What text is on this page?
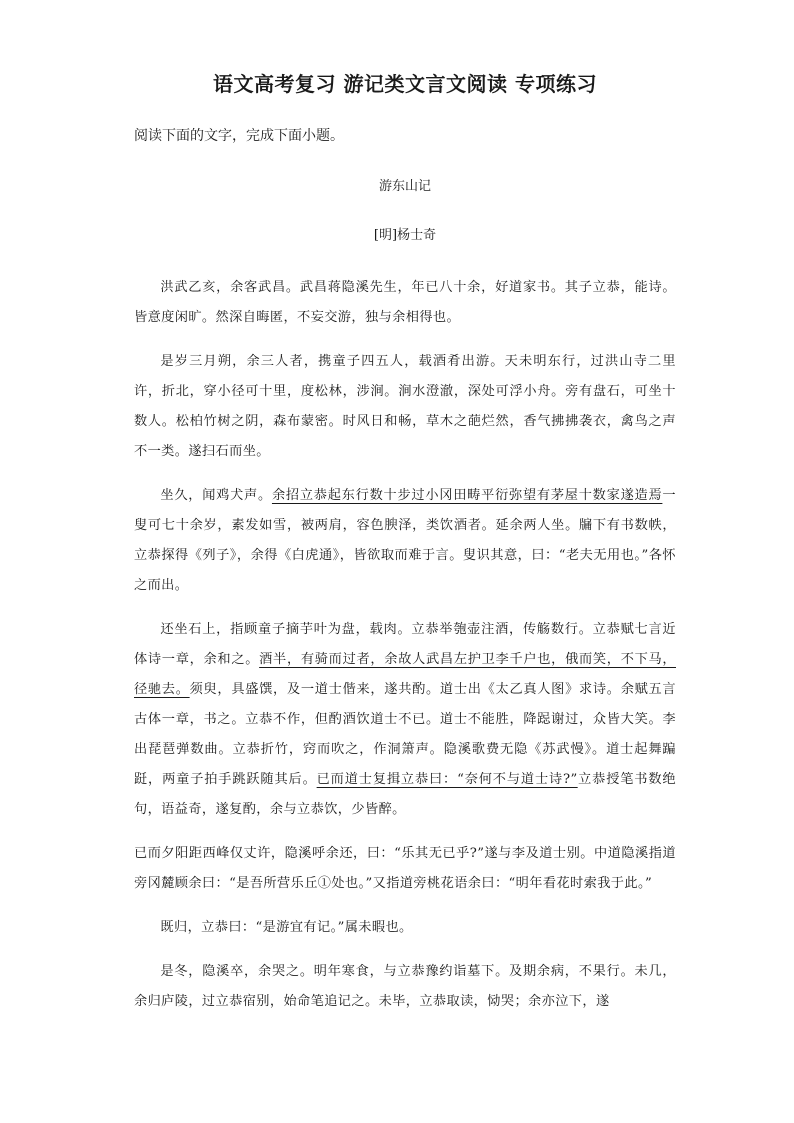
语文高考复习 游记类文言文阅读 专项练习
阅读下面的文字，完成下面小题。
游东山记
[明]杨士奇

洪武乙亥，余客武昌。武昌蒋隐溪先生，年已八十余，好道家书。其子立恭，能诗。皆意度闲旷。然深自晦匿，不妄交游，独与余相得也。

是岁三月朔，余三人者，携童子四五人，载酒肴出游。天未明东行，过洪山寺二里许，折北，穿小径可十里，度松林，涉涧。涧水澄澈，深处可浮小舟。旁有盘石，可坐十数人。松柏竹树之阴，森布蒙密。时风日和畅，草木之葩烂然，香气拂拂袭衣，禽鸟之声不一类。遂扫石而坐。

坐久，闻鸡犬声。余招立恭起东行数十步过小冈田畴平衍弥望有茅屋十数家遂造焉一叟可七十余岁，素发如雪，被两肩，容色腴泽，类饮酒者。延余两人坐。牖下有书数帙，立恭探得《列子》，余得《白虎通》，皆欲取而难于言。叟识其意，曰：“老夫无用也。”各怀之而出。

还坐石上，指顾童子摘芋叶为盘，载肉。立恭举匏壶注酒，传觞数行。立恭赋七言近体诗一章，余和之。酒半，有骑而过者，余故人武昌左护卫李千户也，俄而笑，不下马，径驰去。须臾，具盛馔，及一道士偕来，遂共酌。道士出《太乙真人图》求诗。余赋五言古体一章，书之。立恭不作，但酌酒饮道士不已。道士不能胜，降跽谢过，众皆大笑。李出琵琶弹数曲。立恭折竹，窍而吹之，作洞箫声。隐溪歌费无隐《苏武慢》。道士起舞蹁跹，两童子拍手跳跃随其后。已而道士复揖立恭曰：“奈何不与道士诗?”立恭授笔书数绝句，语益奇，遂复酌，余与立恭饮，少皆醉。

已而夕阳距西峰仅丈许，隐溪呼余还，曰：“乐其无已乎?”遂与李及道士别。中道隐溪指道旁冈麓顾余曰：“是吾所营乐丘①处也。”又指道旁桃花语余曰：“明年看花时索我于此。”

既归，立恭曰：“是游宜有记。”属未暇也。

是冬，隐溪卒，余哭之。明年寒食，与立恭豫约诣墓下。及期余病，不果行。未几，余归庐陵，过立恭宿别，始命笔追记之。未毕，立恭取读，恸哭；余亦泣下，遂
